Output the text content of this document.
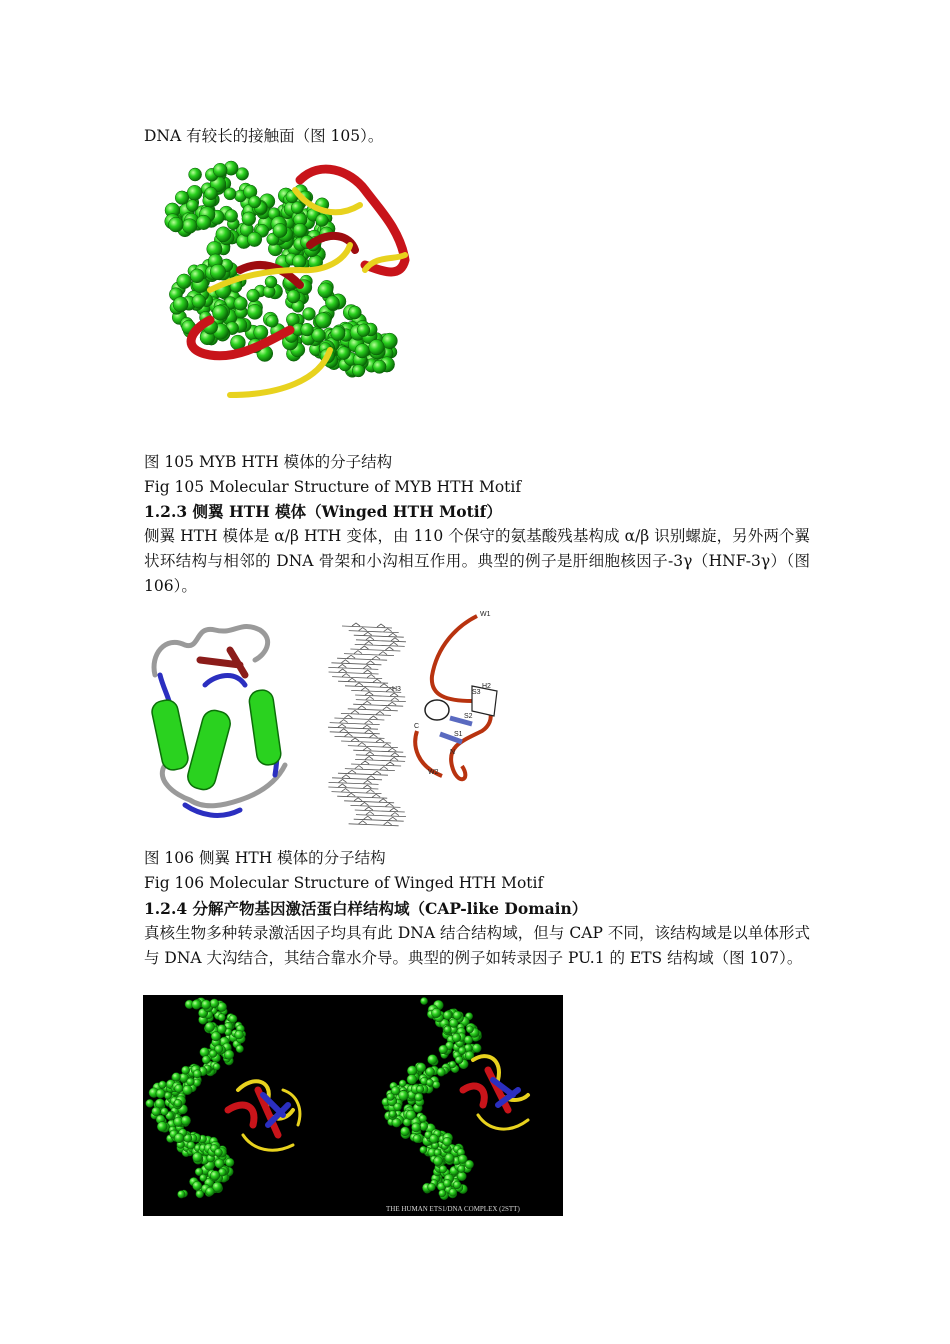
DNA 有较长的接触面（图 105）。
图 105 MYB HTH 模体的分子结构
Fig 105 Molecular Structure of MYB HTH Motif
1.2.3 侧翼 HTH 模体（Winged HTH Motif）
侧翼 HTH 模体是 α/β HTH 变体，由 110 个保守的氨基酸残基构成 α/β 识别螺旋，另外两个翼状环结构与相邻的 DNA 骨架和小沟相互作用。典型的例子是肝细胞核因子-3γ（HNF-3γ）（图 106）。
W1
H3	H2
S1
S2
S3
C
N
W2
图 106 侧翼 HTH 模体的分子结构
Fig 106 Molecular Structure of Winged HTH Motif
1.2.4 分解产物基因激活蛋白样结构域（CAP-like Domain）
真核生物多种转录激活因子均具有此 DNA 结合结构域，但与 CAP 不同，该结构域是以单体形式与 DNA 大沟结合，其结合靠水介导。典型的例子如转录因子 PU.1 的 ETS 结构域（图 107）。
THE HUMAN ETS1/DNA COMPLEX (2STT)
